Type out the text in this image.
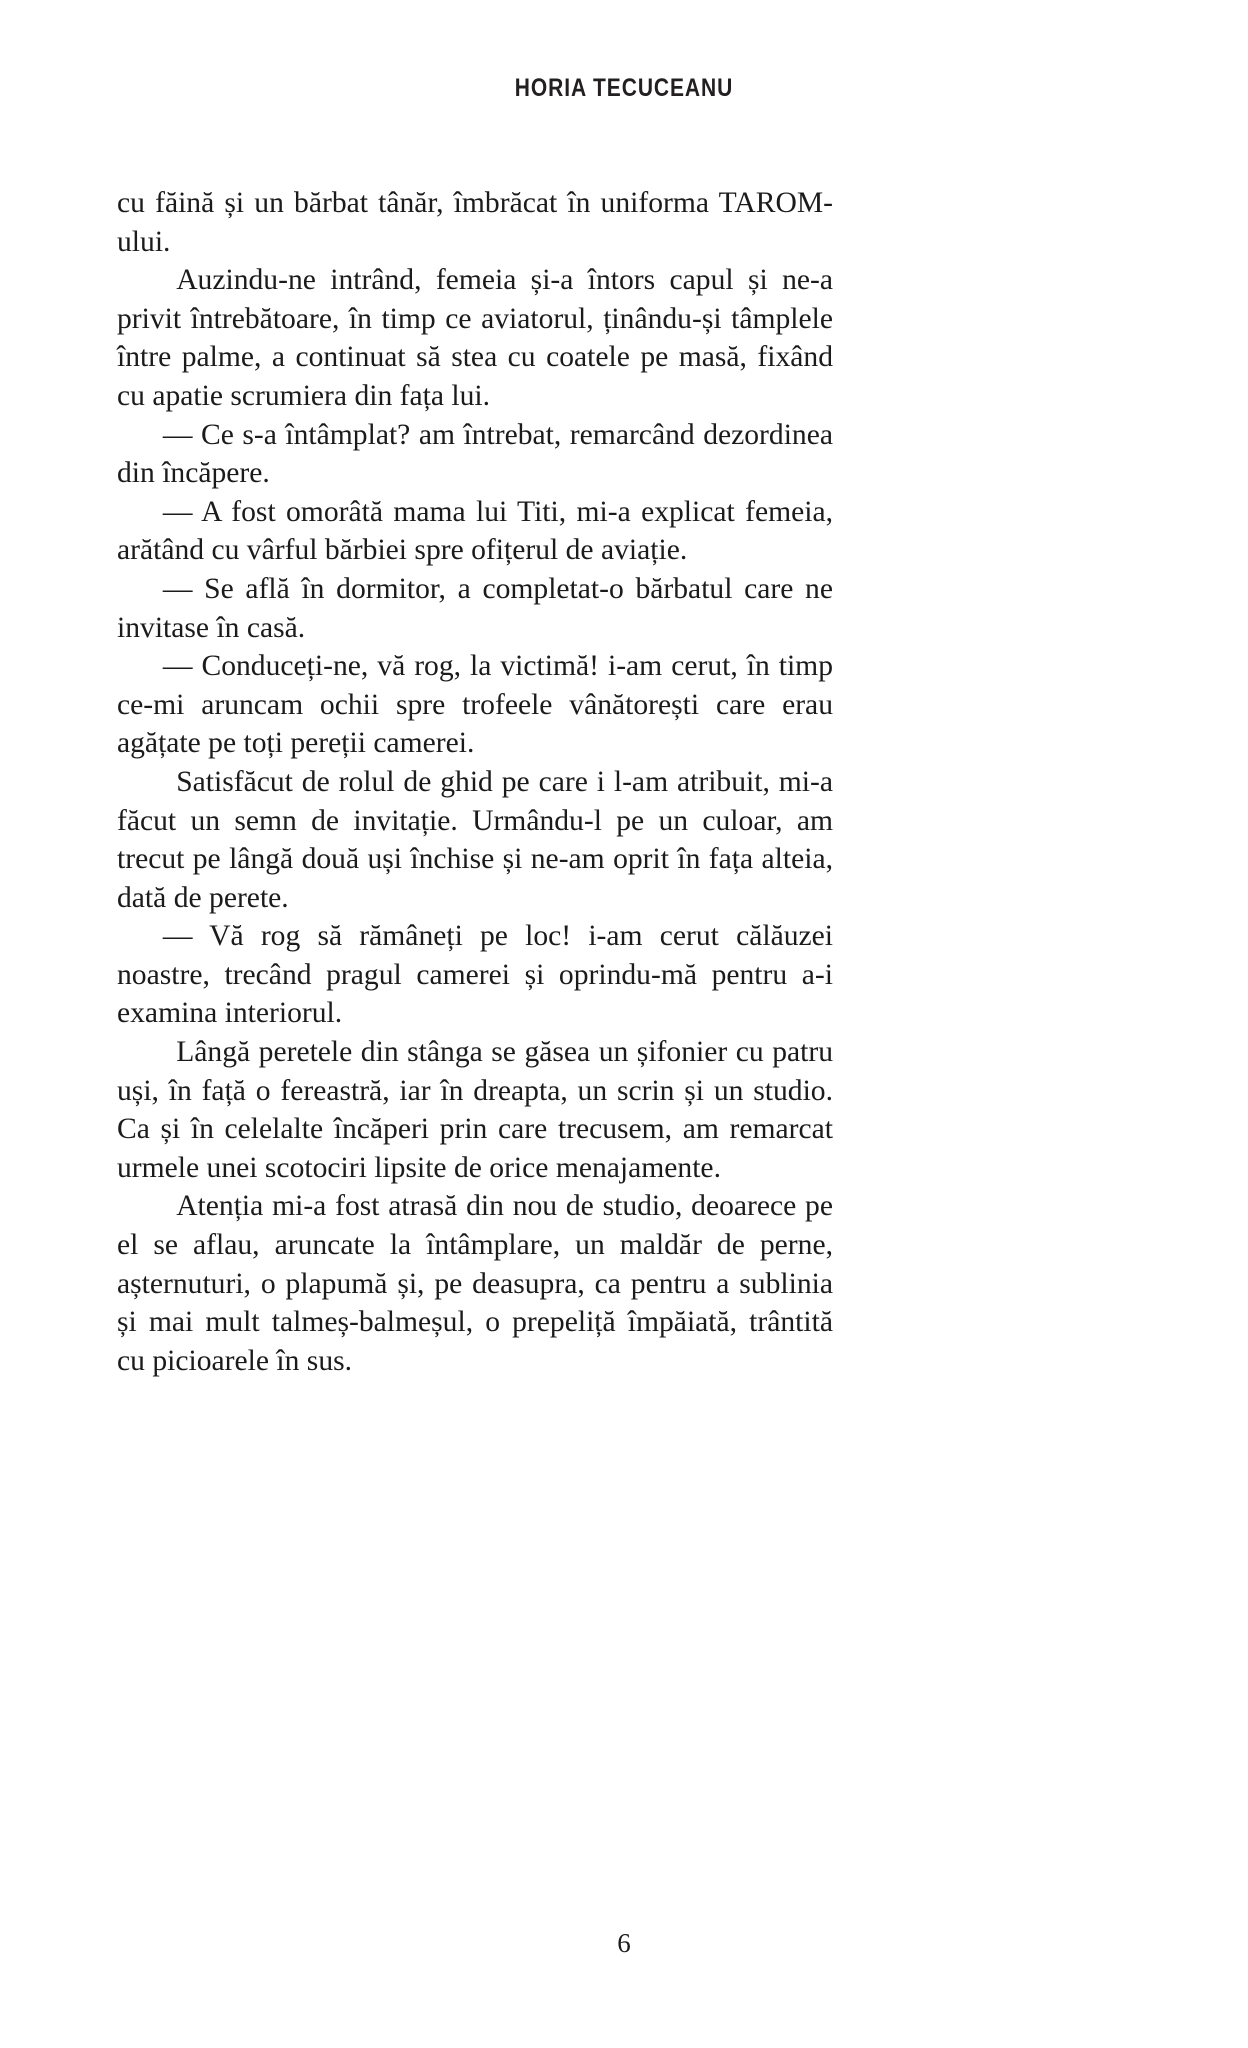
HORIA TECUCEANU

cu făină și un bărbat tânăr, îmbrăcat în uniforma TAROM-ului.

Auzindu-ne intrând, femeia și-a întors capul și ne-a privit întrebătoare, în timp ce aviatorul, ținându-și tâmplele între palme, a continuat să stea cu coatele pe masă, fixând cu apatie scrumiera din fața lui.

— Ce s-a întâmplat? am întrebat, remarcând dezordinea din încăpere.

— A fost omorâtă mama lui Titi, mi-a explicat femeia, arătând cu vârful bărbiei spre ofițerul de aviație.

— Se află în dormitor, a completat-o bărbatul care ne invitase în casă.

— Conduceți-ne, vă rog, la victimă! i-am cerut, în timp ce-mi aruncam ochii spre trofeele vânătorești care erau agățate pe toți pereții camerei.

Satisfăcut de rolul de ghid pe care i l-am atribuit, mi-a făcut un semn de invitație. Urmându-l pe un culoar, am trecut pe lângă două uși închise și ne-am oprit în fața alteia, dată de perete.

— Vă rog să rămâneți pe loc! i-am cerut călăuzei noastre, trecând pragul camerei și oprindu-mă pentru a-i examina interiorul.

Lângă peretele din stânga se găsea un șifonier cu patru uși, în față o fereastră, iar în dreapta, un scrin și un studio. Ca și în celelalte încăperi prin care trecusem, am remarcat urmele unei scotociri lipsite de orice menajamente.

Atenția mi-a fost atrasă din nou de studio, deoarece pe el se aflau, aruncate la întâmplare, un maldăr de perne, așternuturi, o plapumă și, pe deasupra, ca pentru a sublinia și mai mult talmeș-balmeșul, o prepeliță împăiată, trântită cu picioarele în sus.

6
